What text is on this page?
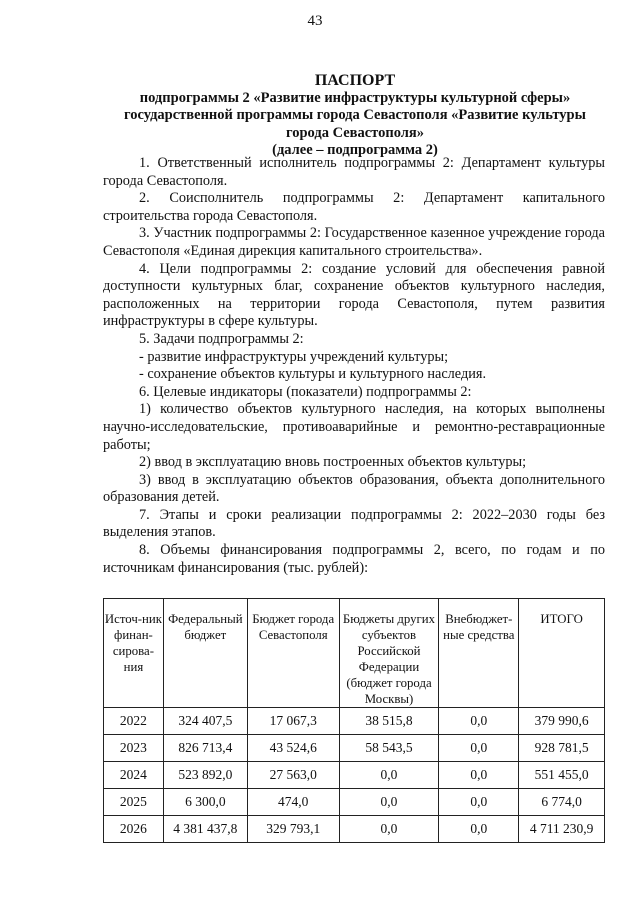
43
ПАСПОРТ
подпрограммы 2 «Развитие инфраструктуры культурной сферы»
государственной программы города Севастополя «Развитие культуры
города Севастополя»
(далее – подпрограмма 2)

1. Ответственный исполнитель подпрограммы 2: Департамент культуры города Севастополя.

2. Соисполнитель подпрограммы 2: Департамент капитального строительства города Севастополя.

3. Участник подпрограммы 2: Государственное казенное учреждение города Севастополя «Единая дирекция капитального строительства».

4. Цели подпрограммы 2: создание условий для обеспечения равной доступности культурных благ, сохранение объектов культурного наследия, расположенных на территории города Севастополя, путем развития инфраструктуры в сфере культуры.

5. Задачи подпрограммы 2:

- развитие инфраструктуры учреждений культуры;

- сохранение объектов культуры и культурного наследия.

6. Целевые индикаторы (показатели) подпрограммы 2:

1) количество объектов культурного наследия, на которых выполнены научно-исследовательские, противоаварийные и ремонтно-реставрационные работы;

2) ввод в эксплуатацию вновь построенных объектов культуры;

3) ввод в эксплуатацию объектов образования, объекта дополнительного образования детей.

7. Этапы и сроки реализации подпрограммы 2: 2022–2030 годы без выделения этапов.

8. Объемы финансирования подпрограммы 2, всего, по годам и по источникам финансирования (тыс. рублей):

Источ-ник финан-сирова-ния	Федеральный бюджет	Бюджет города Севастополя	Бюджеты других субъектов Российской Федерации (бюджет города Москвы)	Внебюджет-ные средства	ИТОГО
2022	324 407,5	17 067,3	38 515,8	0,0	379 990,6
2023	826 713,4	43 524,6	58 543,5	0,0	928 781,5
2024	523 892,0	27 563,0	0,0	0,0	551 455,0
2025	6 300,0	474,0	0,0	0,0	6 774,0
2026	4 381 437,8	329 793,1	0,0	0,0	4 711 230,9
